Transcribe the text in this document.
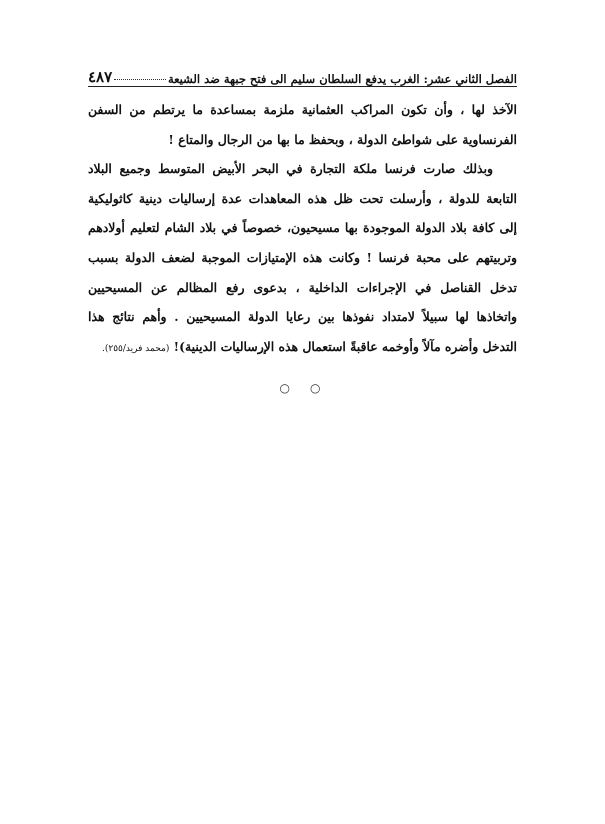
الفصل الثاني عشر: الغرب يدفع السلطان سليم الى فتح جبهة ضد الشيعة
٤٨٧
الآخذ لها ، وأن تكون المراكب العثمانية ملزمة بمساعدة ما يرتطم من السفن
الفرنساوية على شواطئ الدولة ، وبحفظ ما بها من الرجال والمتاع !
وبذلك صارت فرنسا ملكة التجارة في البحر الأبيض المتوسط وجميع البلاد
التابعة للدولة ، وأرسلت تحت ظل هذه المعاهدات عدة إرساليات دينية كاثوليكية
إلى كافة بلاد الدولة الموجودة بها مسيحيون، خصوصاً في بلاد الشام لتعليم أولادهم
وتربيتهم على محبة فرنسا ! وكانت هذه الإمتيازات الموجبة لضعف الدولة بسبب
تدخل القناصل في الإجراءات الداخلية ، بدعوى رفع المظالم عن المسيحيين
واتخاذها لها سبيلاً لامتداد نفوذها بين رعايا الدولة المسيحيين . وأهم نتائج هذا
التدخل وأضره مآلاً وأوخمه عاقبةً استعمال هذه الإرساليات الدينية)! (محمد فريد/٢٥٥).
○ ○
